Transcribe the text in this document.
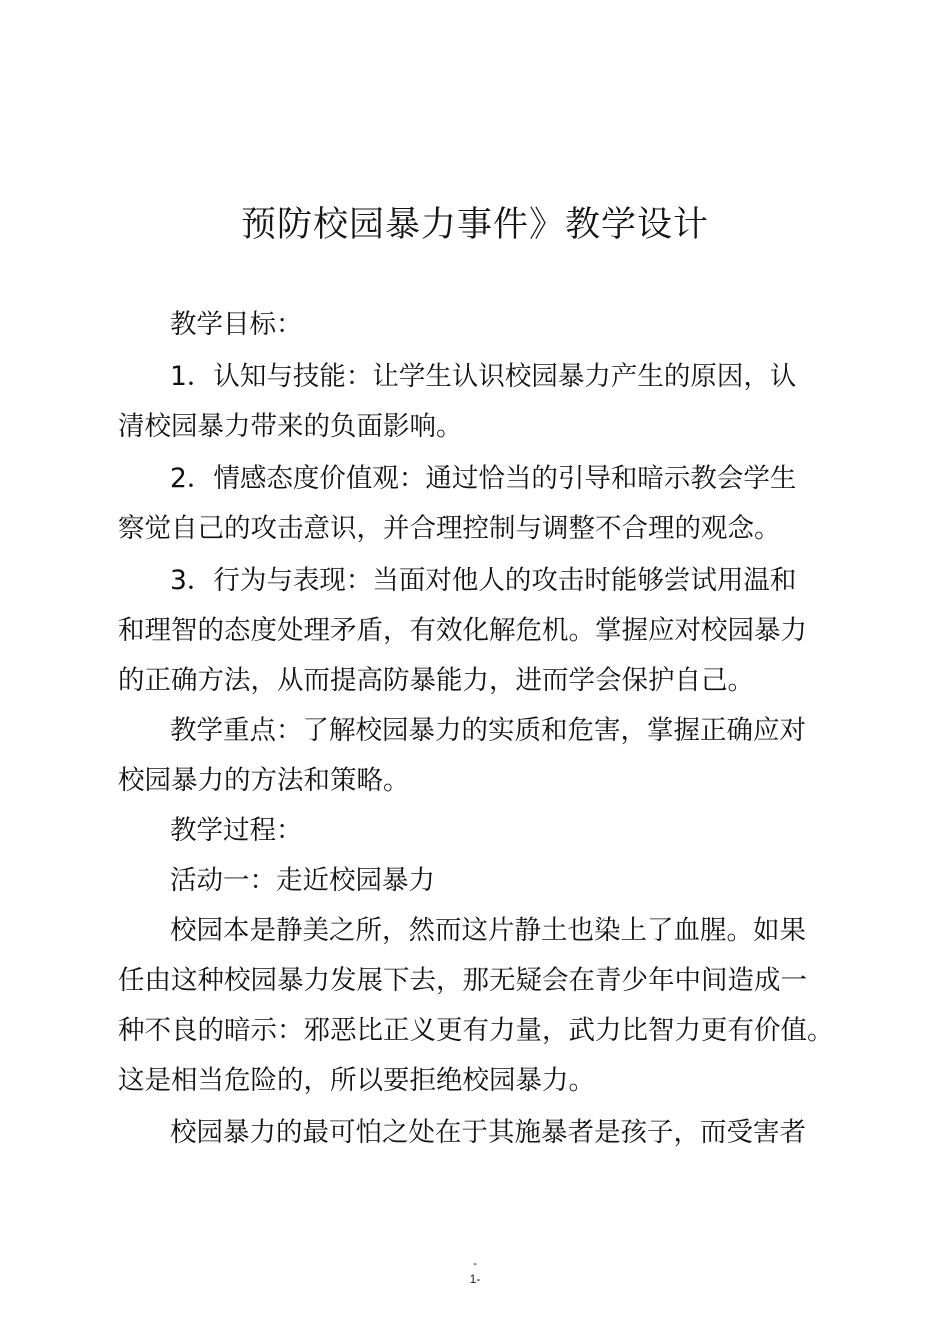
预防校园暴力事件》教学设计
教学目标：
1．认知与技能：让学生认识校园暴力产生的原因，认
清校园暴力带来的负面影响。
2．情感态度价值观：通过恰当的引导和暗示教会学生
察觉自己的攻击意识，并合理控制与调整不合理的观念。
3．行为与表现：当面对他人的攻击时能够尝试用温和
和理智的态度处理矛盾，有效化解危机。掌握应对校园暴力
的正确方法，从而提高防暴能力，进而学会保护自己。
教学重点：了解校园暴力的实质和危害，掌握正确应对
校园暴力的方法和策略。
教学过程：
活动一：走近校园暴力
校园本是静美之所，然而这片静土也染上了血腥。如果
任由这种校园暴力发展下去，那无疑会在青少年中间造成一
种不良的暗示：邪恶比正义更有力量，武力比智力更有价值。
这是相当危险的，所以要拒绝校园暴力。
校园暴力的最可怕之处在于其施暴者是孩子，而受害者
-
1-
